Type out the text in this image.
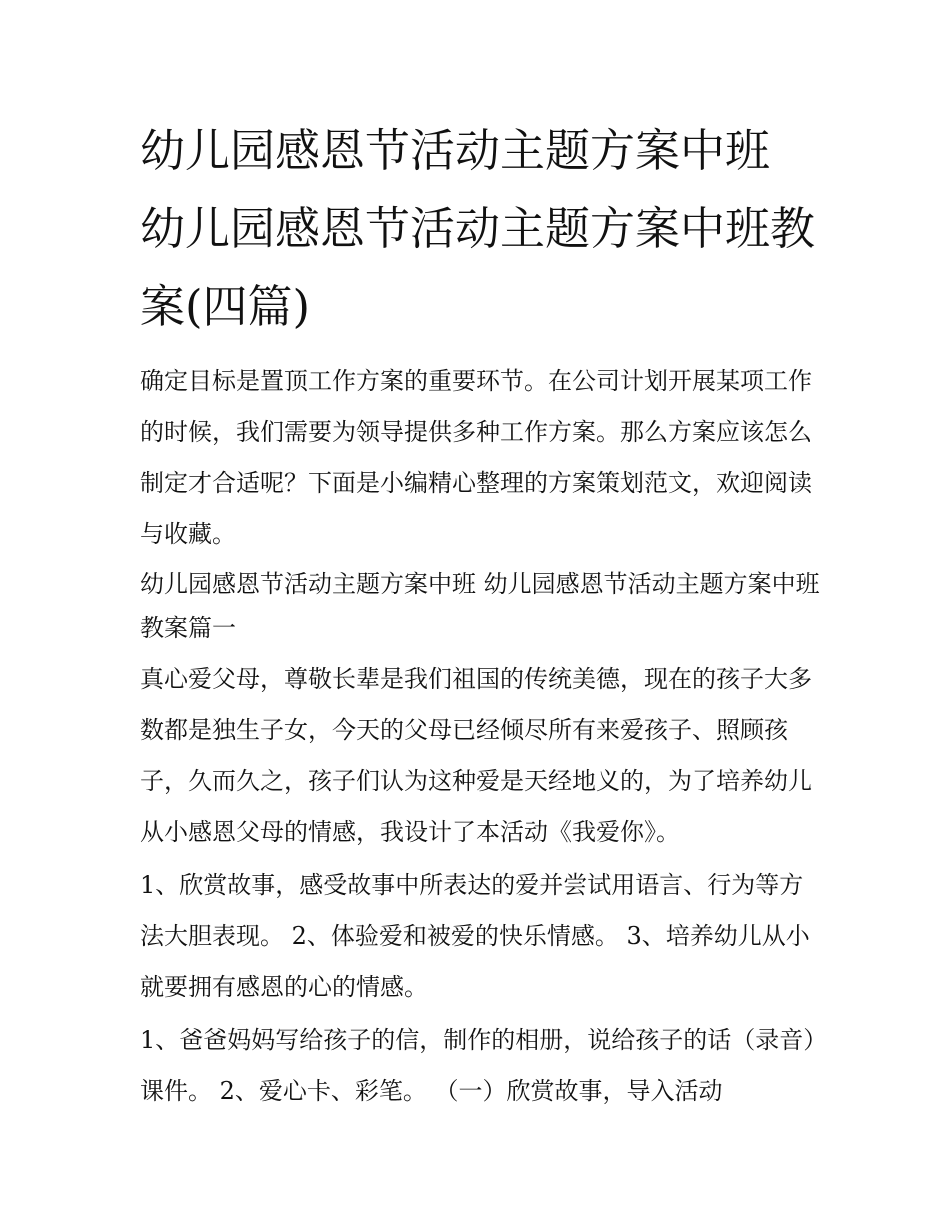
幼儿园感恩节活动主题方案中班 幼儿园感恩节活动主题方案中班教案(四篇)

确定目标是置顶工作方案的重要环节。在公司计划开展某项工作的时候，我们需要为领导提供多种工作方案。那么方案应该怎么制定才合适呢？下面是小编精心整理的方案策划范文，欢迎阅读与收藏。

幼儿园感恩节活动主题方案中班 幼儿园感恩节活动主题方案中班教案篇一

真心爱父母，尊敬长辈是我们祖国的传统美德，现在的孩子大多数都是独生子女，今天的父母已经倾尽所有来爱孩子、照顾孩子，久而久之，孩子们认为这种爱是天经地义的，为了培养幼儿从小感恩父母的情感，我设计了本活动《我爱你》。

1、欣赏故事，感受故事中所表达的爱并尝试用语言、行为等方法大胆表现。 2、体验爱和被爱的快乐情感。 3、培养幼儿从小就要拥有感恩的心的情感。

1、爸爸妈妈写给孩子的信，制作的相册，说给孩子的话（录音）课件。 2、爱心卡、彩笔。 （一）欣赏故事，导入活动
